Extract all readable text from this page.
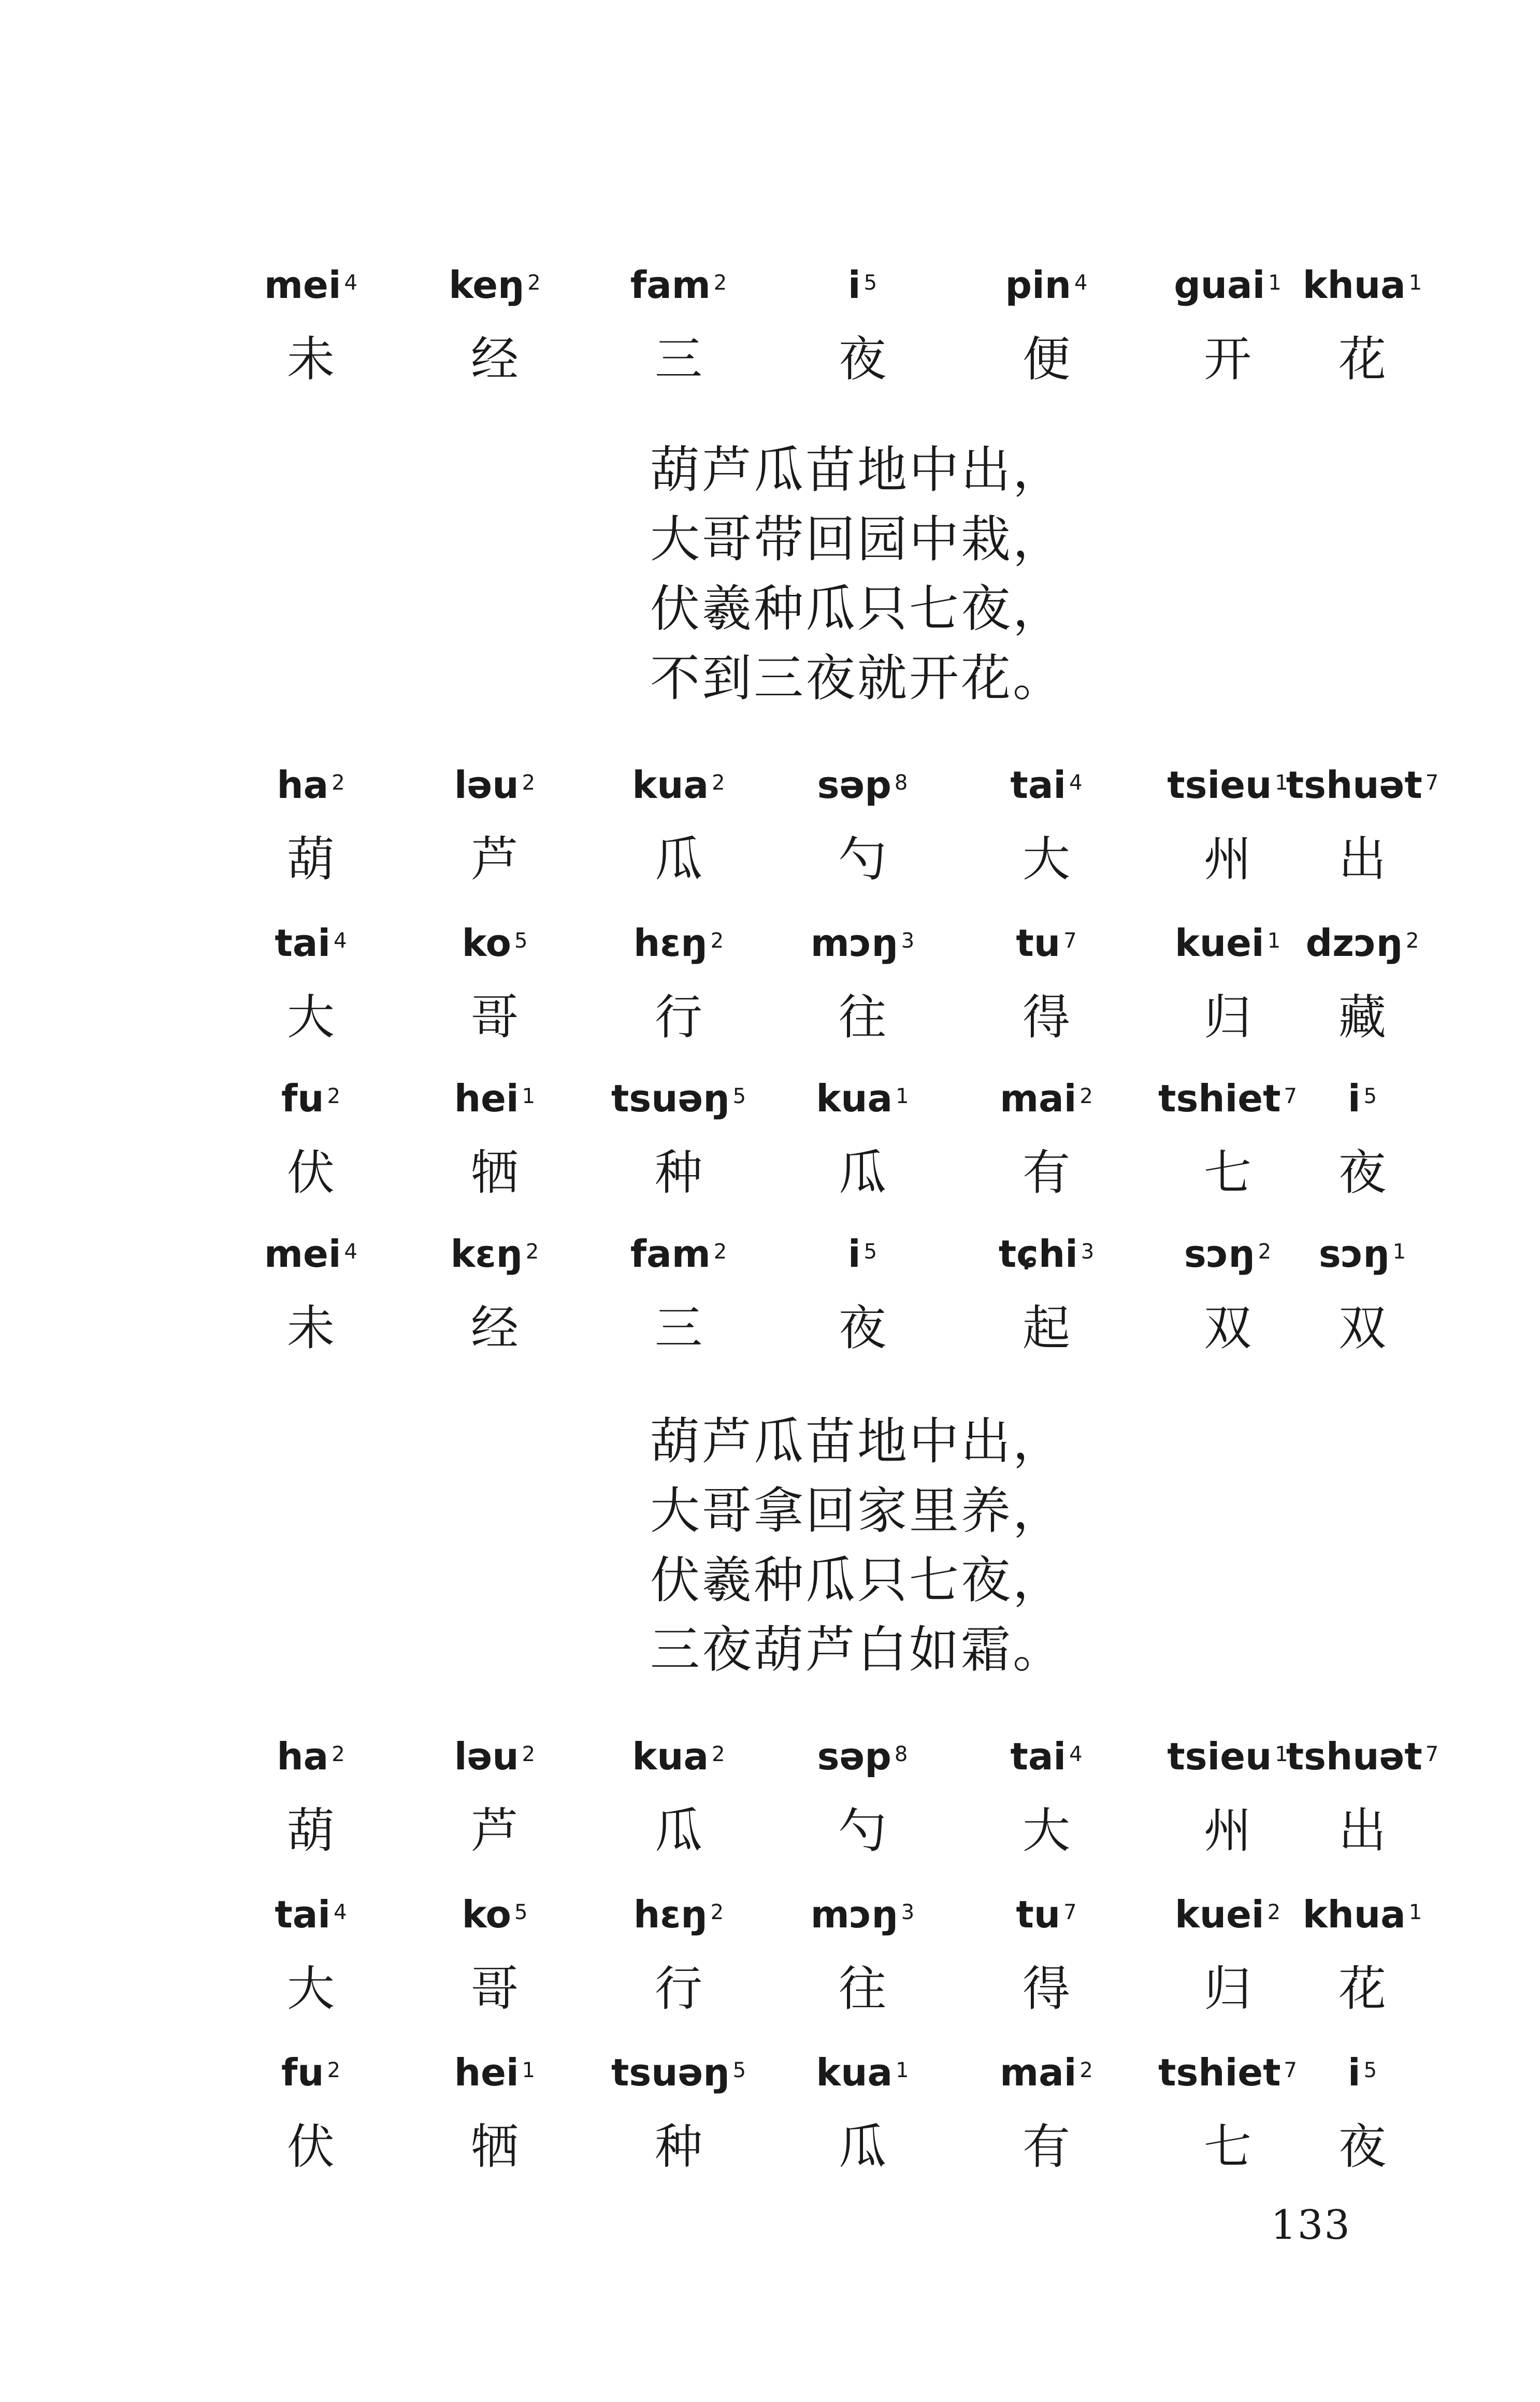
mei $^4$
未
keŋ $^2$
经
fam $^2$
三
i $^5$
夜
pin $^4$
便
guai $^1$
开
khua $^1$
花
葫芦瓜苗地中出，
大哥带回园中栽，
伏羲种瓜只七夜，
不到三夜就开花。
ha $^2$
葫
ləu $^2$
芦
kua $^2$
瓜
səp $^8$
勺
tai $^4$
大
tsieu $^1$
州
tshuət $^7$
出
tai $^4$
大
ko $^5$
哥
hɛŋ $^2$
行
mɔŋ $^3$
往
tu $^7$
得
kuei $^1$
归
dzɔŋ $^2$
藏
fu $^2$
伏
hei $^1$
牺
tsuəŋ $^5$
种
kua $^1$
瓜
mai $^2$
有
tshiet $^7$
七
i $^5$
夜
mei $^4$
未
kɛŋ $^2$
经
fam $^2$
三
i $^5$
夜
tɕhi $^3$
起
sɔŋ $^2$
双
sɔŋ $^1$
双
葫芦瓜苗地中出，
大哥拿回家里养，
伏羲种瓜只七夜，
三夜葫芦白如霜。
ha $^2$
葫
ləu $^2$
芦
kua $^2$
瓜
səp $^8$
勺
tai $^4$
大
tsieu $^1$
州
tshuət $^7$
出
tai $^4$
大
ko $^5$
哥
hɛŋ $^2$
行
mɔŋ $^3$
往
tu $^7$
得
kuei $^2$
归
khua $^1$
花
fu $^2$
伏
hei $^1$
牺
tsuəŋ $^5$
种
kua $^1$
瓜
mai $^2$
有
tshiet $^7$
七
i $^5$
夜
133
